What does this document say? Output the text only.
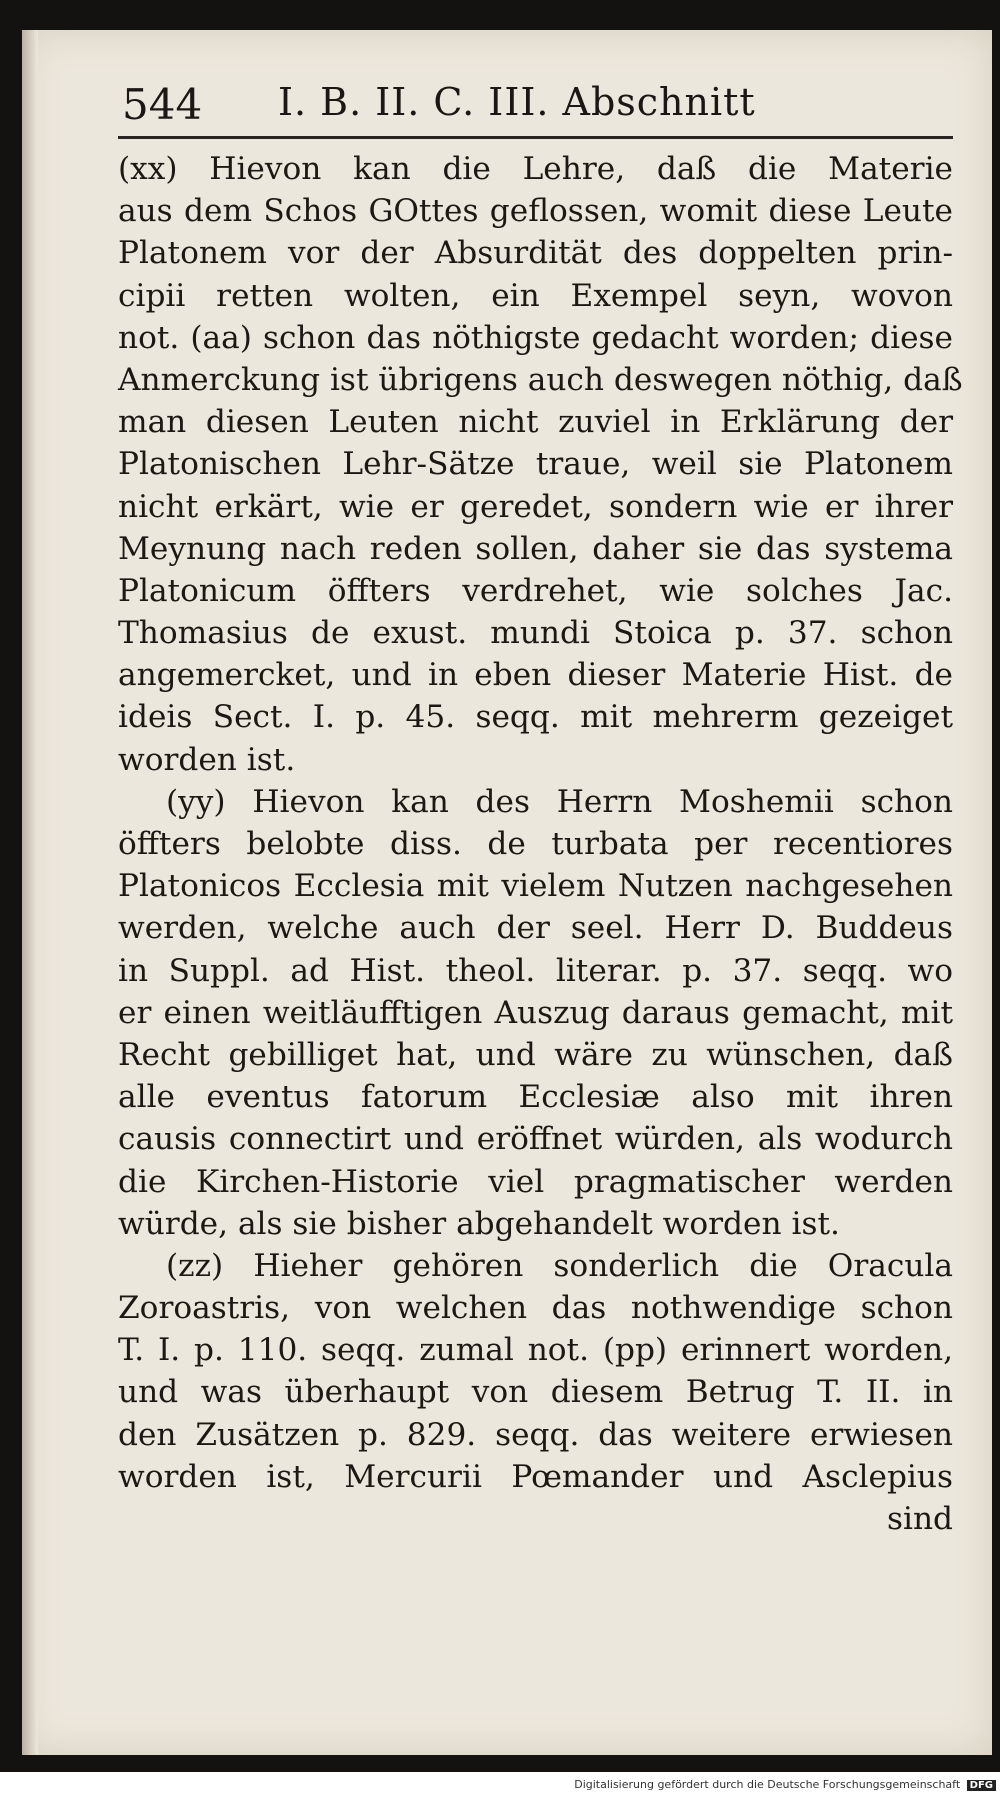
544 I. B. II. C. III. Abschnitt
(xx) Hievon kan die Lehre, daß die Materie
aus dem Schos GOttes geflossen, womit diese Leute
Platonem vor der Absurdität des doppelten prin-
cipii retten wolten, ein Exempel seyn, wovon
not. (aa) schon das nöthigste gedacht worden; diese
Anmerckung ist übrigens auch deswegen nöthig, daß
man diesen Leuten nicht zuviel in Erklärung der
Platonischen Lehr-Sätze traue, weil sie Platonem
nicht erkärt, wie er geredet, sondern wie er ihrer
Meynung nach reden sollen, daher sie das systema
Platonicum öffters verdrehet, wie solches Jac.
Thomasius de exust. mundi Stoica p. 37. schon
angemercket, und in eben dieser Materie Hist. de
ideis Sect. I. p. 45. seqq. mit mehrerm gezeiget
worden ist.
(yy) Hievon kan des Herrn Moshemii schon
öffters belobte diss. de turbata per recentiores
Platonicos Ecclesia mit vielem Nutzen nachgesehen
werden, welche auch der seel. Herr D. Buddeus
in Suppl. ad Hist. theol. literar. p. 37. seqq. wo
er einen weitläufftigen Auszug daraus gemacht, mit
Recht gebilliget hat, und wäre zu wünschen, daß
alle eventus fatorum Ecclesiæ also mit ihren
causis connectirt und eröffnet würden, als wodurch
die Kirchen-Historie viel pragmatischer werden
würde, als sie bisher abgehandelt worden ist.
(zz) Hieher gehören sonderlich die Oracula
Zoroastris, von welchen das nothwendige schon
T. I. p. 110. seqq. zumal not. (pp) erinnert worden,
und was überhaupt von diesem Betrug T. II. in
den Zusätzen p. 829. seqq. das weitere erwiesen
worden ist, Mercurii Pœmander und Asclepius
sind
Digitalisierung gefördert durch die Deutsche Forschungsgemeinschaft DFG
